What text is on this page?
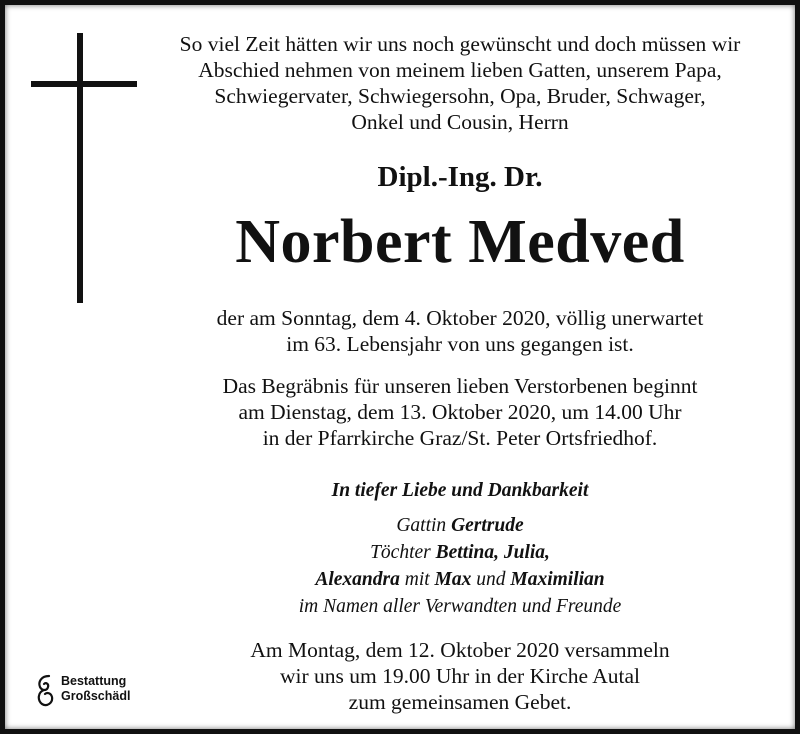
So viel Zeit hätten wir uns noch gewünscht und doch müssen wir
Abschied nehmen von meinem lieben Gatten, unserem Papa,
Schwiegervater, Schwiegersohn, Opa, Bruder, Schwager,
Onkel und Cousin, Herrn
Dipl.-Ing. Dr.
Norbert Medved
der am Sonntag, dem 4. Oktober 2020, völlig unerwartet
im 63. Lebensjahr von uns gegangen ist.
Das Begräbnis für unseren lieben Verstorbenen beginnt
am Dienstag, dem 13. Oktober 2020, um 14.00 Uhr
in der Pfarrkirche Graz/St. Peter Ortsfriedhof.
In tiefer Liebe und Dankbarkeit
Gattin Gertrude
Töchter Bettina, Julia,
Alexandra mit Max und Maximilian
im Namen aller Verwandten und Freunde
Am Montag, dem 12. Oktober 2020 versammeln
wir uns um 19.00 Uhr in der Kirche Autal
zum gemeinsamen Gebet.
Bestattung
Großschädl
